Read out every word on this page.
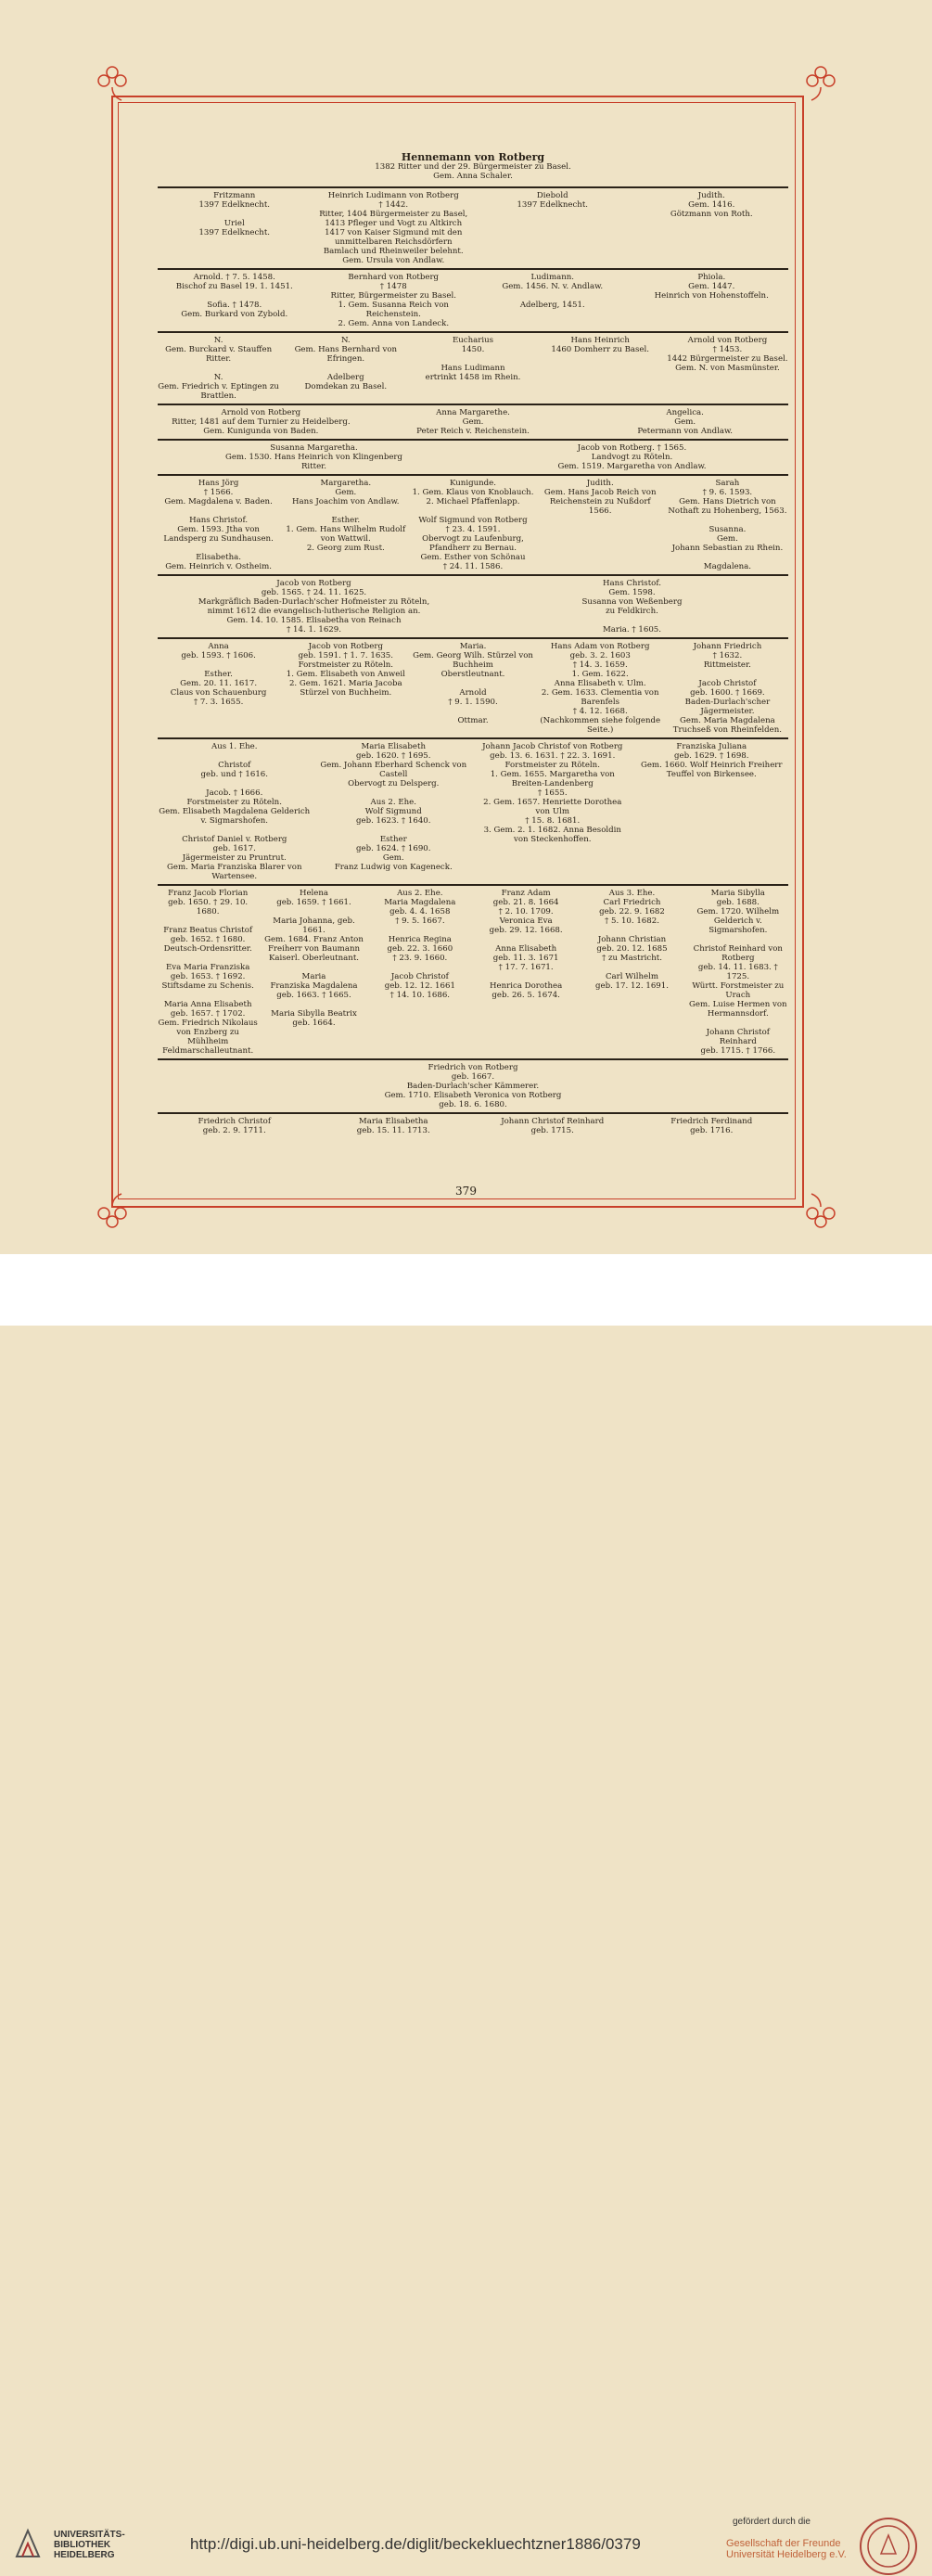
Hennemann von Rotberg
1382 Ritter und der 29. Bürgermeister zu Basel.
Gem. Anna Schaler.
Fritzmann
1397 Edelknecht.

Uriel
1397 Edelknecht.
Heinrich Ludimann von Rotberg
† 1442.
Ritter, 1404 Bürgermeister zu Basel, 1413 Pfleger und Vogt zu Altkirch
1417 von Kaiser Sigmund mit den unmittelbaren Reichsdörfern Bamlach und Rheinweiler belehnt.
Gem. Ursula von Andlaw.
Diebold
1397 Edelknecht.
Judith.
Gem. 1416.
Götzmann von Roth.
Arnold. † 7. 5. 1458.
Bischof zu Basel 19. 1. 1451.

Sofia. † 1478.
Gem. Burkard von Zybold.
Bernhard von Rotberg
† 1478
Ritter, Bürgermeister zu Basel.
1. Gem. Susanna Reich von Reichenstein.
2. Gem. Anna von Landeck.
Ludimann.
Gem. 1456. N. v. Andlaw.

Adelberg, 1451.
Phiola.
Gem. 1447.
Heinrich von Hohenstoffeln.
N.
Gem. Burckard v. Stauffen Ritter.

N.
Gem. Friedrich v. Eptingen zu Brattlen.
N.
Gem. Hans Bernhard von Efringen.

Adelberg
Domdekan zu Basel.
Eucharius
1450.

Hans Ludimann
ertrinkt 1458 im Rhein.
Hans Heinrich
1460 Domherr zu Basel.
Arnold von Rotberg
† 1453.
1442 Bürgermeister zu Basel.
Gem. N. von Masmünster.
Arnold von Rotberg
Ritter, 1481 auf dem Turnier zu Heidelberg.
Gem. Kunigunda von Baden.
Anna Margarethe.
Gem.
Peter Reich v. Reichenstein.
Angelica.
Gem.
Petermann von Andlaw.
Susanna Margaretha.
Gem. 1530. Hans Heinrich von Klingenberg
Ritter.
Jacob von Rotberg. † 1565.
Landvogt zu Röteln.
Gem. 1519. Margaretha von Andlaw.
Hans Jörg
† 1566.
Gem. Magdalena v. Baden.

Hans Christof.
Gem. 1593. Jtha von Landsperg zu Sundhausen.

Elisabetha.
Gem. Heinrich v. Ostheim.
Margaretha.
Gem.
Hans Joachim von Andlaw.

Esther.
1. Gem. Hans Wilhelm Rudolf von Wattwil.
2. Georg zum Rust.
Kunigunde.
1. Gem. Klaus von Knoblauch.
2. Michael Pfaffenlapp.

Wolf Sigmund von Rotberg
† 23. 4. 1591.
Obervogt zu Laufenburg, Pfandherr zu Bernau.
Gem. Esther von Schönau
† 24. 11. 1586.
Judith.
Gem. Hans Jacob Reich von Reichenstein zu Nußdorf
1566.
Sarah
† 9. 6. 1593.
Gem. Hans Dietrich von Nothaft zu Hohenberg, 1563.

Susanna.
Gem.
Johann Sebastian zu Rhein.

Magdalena.
Jacob von Rotberg
geb. 1565. † 24. 11. 1625.
Markgräflich Baden-Durlach'scher Hofmeister zu Röteln,
nimmt 1612 die evangelisch-lutherische Religion an.
Gem. 14. 10. 1585. Elisabetha von Reinach
† 14. 1. 1629.
Hans Christof.
Gem. 1598.
Susanna von Weßenberg
zu Feldkirch.

Maria. † 1605.
Anna
geb. 1593. † 1606.

Esther.
Gem. 20. 11. 1617.
Claus von Schauenburg
† 7. 3. 1655.
Jacob von Rotberg
geb. 1591. † 1. 7. 1635.
Forstmeister zu Röteln.
1. Gem. Elisabeth von Anweil
2. Gem. 1621. Maria Jacoba Stürzel von Buchheim.
Maria.
Gem. Georg Wilh. Stürzel von Buchheim
Oberstleutnant.

Arnold
† 9. 1. 1590.

Ottmar.
Hans Adam von Rotberg
geb. 3. 2. 1603
† 14. 3. 1659.
1. Gem. 1622.
Anna Elisabeth v. Ulm.
2. Gem. 1633. Clementia von Barenfels
† 4. 12. 1668.
(Nachkommen siehe folgende Seite.)
Johann Friedrich
† 1632.
Rittmeister.

Jacob Christof
geb. 1600. † 1669.
Baden-Durlach'scher Jägermeister.
Gem. Maria Magdalena Truchseß von Rheinfelden.
Aus 1. Ehe.

Christof
geb. und † 1616.

Jacob. † 1666.
Forstmeister zu Röteln.
Gem. Elisabeth Magdalena Gelderich v. Sigmarshofen.

Christof Daniel v. Rotberg
geb. 1617.
Jägermeister zu Pruntrut.
Gem. Maria Franziska Blarer von Wartensee.
Maria Elisabeth
geb. 1620. † 1695.
Gem. Johann Eberhard Schenck von Castell
Obervogt zu Delsperg.

Aus 2. Ehe.
Wolf Sigmund
geb. 1623. † 1640.

Esther
geb. 1624. † 1690.
Gem.
Franz Ludwig von Kageneck.
Johann Jacob Christof von Rotberg
geb. 13. 6. 1631. † 22. 3. 1691.
Forstmeister zu Röteln.
1. Gem. 1655. Margaretha von Breiten-Landenberg
† 1655.
2. Gem. 1657. Henriette Dorothea von Ulm
† 15. 8. 1681.
3. Gem. 2. 1. 1682. Anna Besoldin von Steckenhoffen.
Franziska Juliana
geb. 1629. † 1698.
Gem. 1660. Wolf Heinrich Freiherr Teuffel von Birkensee.
Franz Jacob Florian
geb. 1650. † 29. 10. 1680.

Franz Beatus Christof
geb. 1652. † 1680.
Deutsch-Ordensritter.

Eva Maria Franziska
geb. 1653. † 1692.
Stiftsdame zu Schenis.

Maria Anna Elisabeth
geb. 1657. † 1702.
Gem. Friedrich Nikolaus von Enzberg zu Mühlheim
Feldmarschalleutnant.
Helena
geb. 1659. † 1661.

Maria Johanna, geb. 1661.
Gem. 1684. Franz Anton Freiherr von Baumann
Kaiserl. Oberleutnant.

Maria
Franziska Magdalena
geb. 1663. † 1665.

Maria Sibylla Beatrix
geb. 1664.
Aus 2. Ehe.
Maria Magdalena
geb. 4. 4. 1658
† 9. 5. 1667.

Henrica Regina
geb. 22. 3. 1660
† 23. 9. 1660.

Jacob Christof
geb. 12. 12. 1661
† 14. 10. 1686.
Franz Adam
geb. 21. 8. 1664
† 2. 10. 1709.
Veronica Eva
geb. 29. 12. 1668.

Anna Elisabeth
geb. 11. 3. 1671
† 17. 7. 1671.

Henrica Dorothea
geb. 26. 5. 1674.
Aus 3. Ehe.
Carl Friedrich
geb. 22. 9. 1682
† 5. 10. 1682.

Johann Christian
geb. 20. 12. 1685
† zu Mastricht.

Carl Wilhelm
geb. 17. 12. 1691.
Maria Sibylla
geb. 1688.
Gem. 1720. Wilhelm Gelderich v. Sigmarshofen.

Christof Reinhard von Rotberg
geb. 14. 11. 1683. † 1725.
Württ. Forstmeister zu Urach
Gem. Luise Hermen von Hermannsdorf.

Johann Christof Reinhard
geb. 1715. † 1766.
Friedrich von Rotberg
geb. 1667.
Baden-Durlach'scher Kämmerer.
Gem. 1710. Elisabeth Veronica von Rotberg
geb. 18. 6. 1680.
Friedrich Christof
geb. 2. 9. 1711.
Maria Elisabetha
geb. 15. 11. 1713.
Johann Christof Reinhard
geb. 1715.
Friedrich Ferdinand
geb. 1716.
379
UNIVERSITÄTS-
BIBLIOTHEK
HEIDELBERG
http://digi.ub.uni-heidelberg.de/diglit/beckekluechtzner1886/0379
gefördert durch die
Gesellschaft der Freunde
Universität Heidelberg e.V.
